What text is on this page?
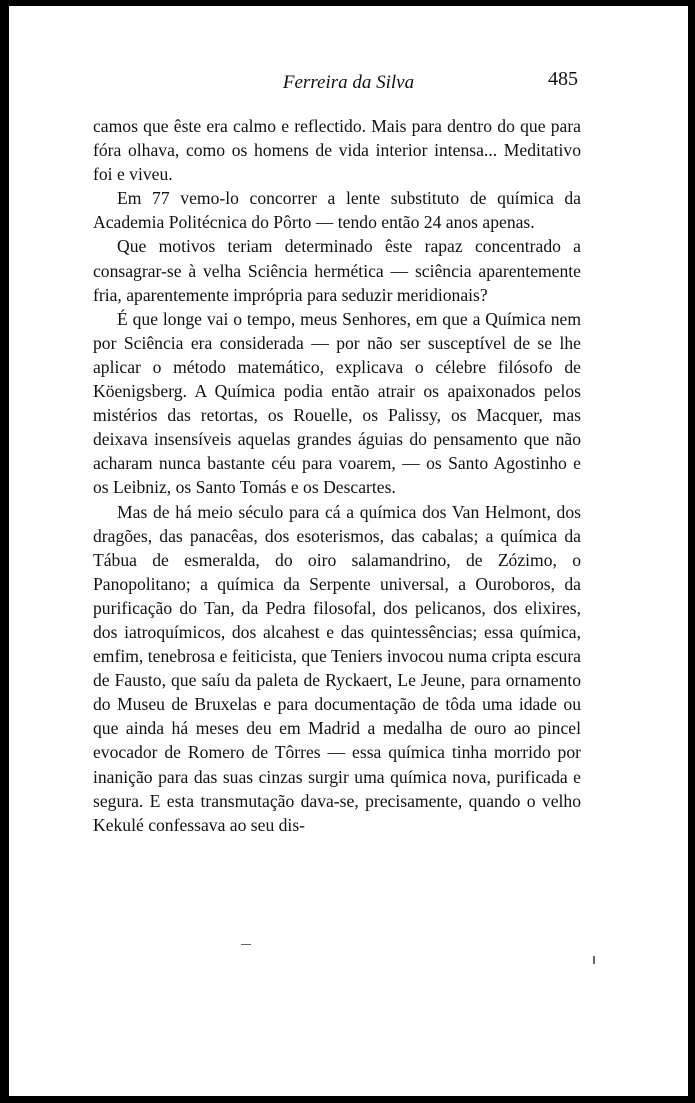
Ferreira da Silva	485

camos que êste era calmo e reflectido. Mais para dentro do que para fóra olhava, como os homens de vida interior intensa... Meditativo foi e viveu.

Em 77 vemo-lo concorrer a lente substituto de química da Academia Politécnica do Pôrto — tendo então 24 anos apenas.

Que motivos teriam determinado êste rapaz concentrado a consagrar-se à velha Sciência hermética — sciência aparentemente fria, aparentemente imprópria para seduzir meridionais?

É que longe vai o tempo, meus Senhores, em que a Química nem por Sciência era considerada — por não ser susceptível de se lhe aplicar o método matemático, explicava o célebre filósofo de Köenigsberg. A Química podia então atrair os apaixonados pelos mistérios das retortas, os Rouelle, os Palissy, os Macquer, mas deixava insensíveis aquelas grandes águias do pensamento que não acharam nunca bastante céu para voarem, — os Santo Agostinho e os Leibniz, os Santo Tomás e os Descartes.

Mas de há meio século para cá a química dos Van Helmont, dos dragões, das panacêas, dos esoterismos, das cabalas; a química da Tábua de esmeralda, do oiro salamandrino, de Zózimo, o Panopolitano; a química da Serpente universal, a Ouroboros, da purificação do Tan, da Pedra filosofal, dos pelicanos, dos elixires, dos iatroquímicos, dos alcahest e das quintessências; essa química, emfim, tenebrosa e feiticista, que Teniers invocou numa cripta escura de Fausto, que saíu da paleta de Ryckaert, Le Jeune, para ornamento do Museu de Bruxelas e para documentação de tôda uma idade ou que ainda há meses deu em Madrid a medalha de ouro ao pincel evocador de Romero de Tôrres — essa química tinha morrido por inanição para das suas cinzas surgir uma química nova, purificada e segura. E esta transmutação dava-se, precisamente, quando o velho Kekulé confessava ao seu dis-
